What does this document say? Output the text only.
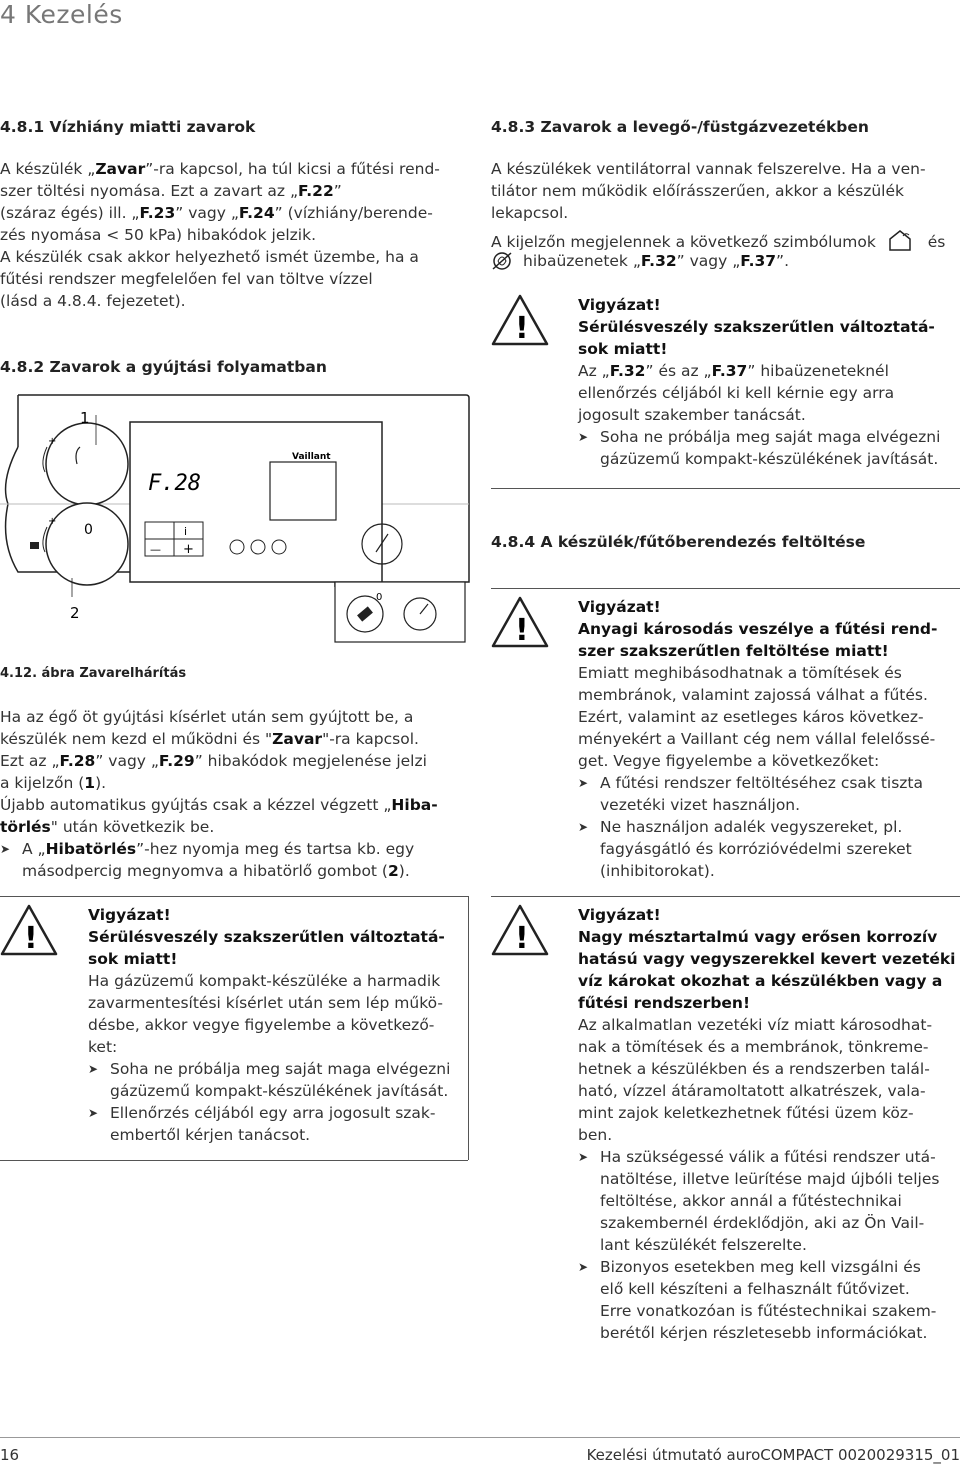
4 Kezelés
4.8.1 Vízhiány miatti zavarok
A készülék „Zavar”-ra kapcsol, ha túl kicsi a fűtési rend-
szer töltési nyomása. Ezt a zavart az „F.22”
(száraz égés) ill. „F.23” vagy „F.24” (vízhiány/berende-
zés nyomása < 50 kPa) hibakódok jelzik.
A készülék csak akkor helyezhető ismét üzembe, ha a
fűtési rendszer megfelelően fel van töltve vízzel
(lásd a 4.8.4. fejezetet).
4.8.2 Zavarok a gyújtási folyamatban
+
0
+
Vaillant
F.28
i
— +
0
1
2
4.12. ábra Zavarelhárítás
Ha az égő öt gyújtási kísérlet után sem gyújtott be, a
készülék nem kezd el működni és "Zavar"-ra kapcsol.
Ezt az „F.28” vagy „F.29” hibakódok megjelenése jelzi
a kijelzőn (1).
Újabb automatikus gyújtás csak a kézzel végzett „Hiba-
törlés" után következik be.
➤ A „Hibatörlés”-hez nyomja meg és tartsa kb. egy
másodpercig megnyomva a hibatörlő gombot (2).
!
Vigyázat!
Sérülésveszély szakszerűtlen változtatá-
sok miatt!
Ha gázüzemű kompakt-készüléke a harmadik
zavarmentesítési kísérlet után sem lép műkö-
désbe, akkor vegye figyelembe a következő-
ket:
➤ Soha ne próbálja meg saját maga elvégezni
gázüzemű kompakt-készülékének javítását.
➤ Ellenőrzés céljából egy arra jogosult szak-
embertől kérjen tanácsot.
4.8.3 Zavarok a levegő-/füstgázvezetékben
A készülékek ventilátorral vannak felszerelve. Ha a ven-
tilátor nem működik előírásszerűen, akkor a készülék
lekapcsol.
A kijelzőn megjelennek a következő szimbólumok	és
hibaüzenetek „F.32” vagy „F.37”.
!
Vigyázat!
Sérülésveszély szakszerűtlen változtatá-
sok miatt!
Az „F.32” és az „F.37” hibaüzeneteknél
ellenőrzés céljából ki kell kérnie egy arra
jogosult szakember tanácsát.
➤ Soha ne próbálja meg saját maga elvégezni
gázüzemű kompakt-készülékének javítását.
4.8.4 A készülék/fűtőberendezés feltöltése
!
Vigyázat!
Anyagi károsodás veszélye a fűtési rend-
szer szakszerűtlen feltöltése miatt!
Emiatt meghibásodhatnak a tömítések és
membránok, valamint zajossá válhat a fűtés.
Ezért, valamint az esetleges káros következ-
ményekért a Vaillant cég nem vállal felelőssé-
get. Vegye figyelembe a következőket:
➤ A fűtési rendszer feltöltéséhez csak tiszta
vezetéki vizet használjon.
➤ Ne használjon adalék vegyszereket, pl.
fagyásgátló és korrózióvédelmi szereket
(inhibitorokat).
!
Vigyázat!
Nagy mésztartalmú vagy erősen korrozív
hatású vagy vegyszerekkel kevert vezetéki
víz károkat okozhat a készülékben vagy a
fűtési rendszerben!
Az alkalmatlan vezetéki víz miatt károsodhat-
nak a tömítések és a membránok, tönkreme-
hetnek a készülékben és a rendszerben talál-
ható, vízzel átáramoltatott alkatrészek, vala-
mint zajok keletkezhetnek fűtési üzem köz-
ben.
➤ Ha szükségessé válik a fűtési rendszer utá-
natöltése, illetve leürítése majd újbóli teljes
feltöltése, akkor annál a fűtéstechnikai
szakembernél érdeklődjön, aki az Ön Vail-
lant készülékét felszerelte.
➤ Bizonyos esetekben meg kell vizsgálni és
elő kell készíteni a felhasznált fűtővizet.
Erre vonatkozóan is fűtéstechnikai szakem-
berétől kérjen részletesebb információkat.
16	Kezelési útmutató auroCOMPACT 0020029315_01
